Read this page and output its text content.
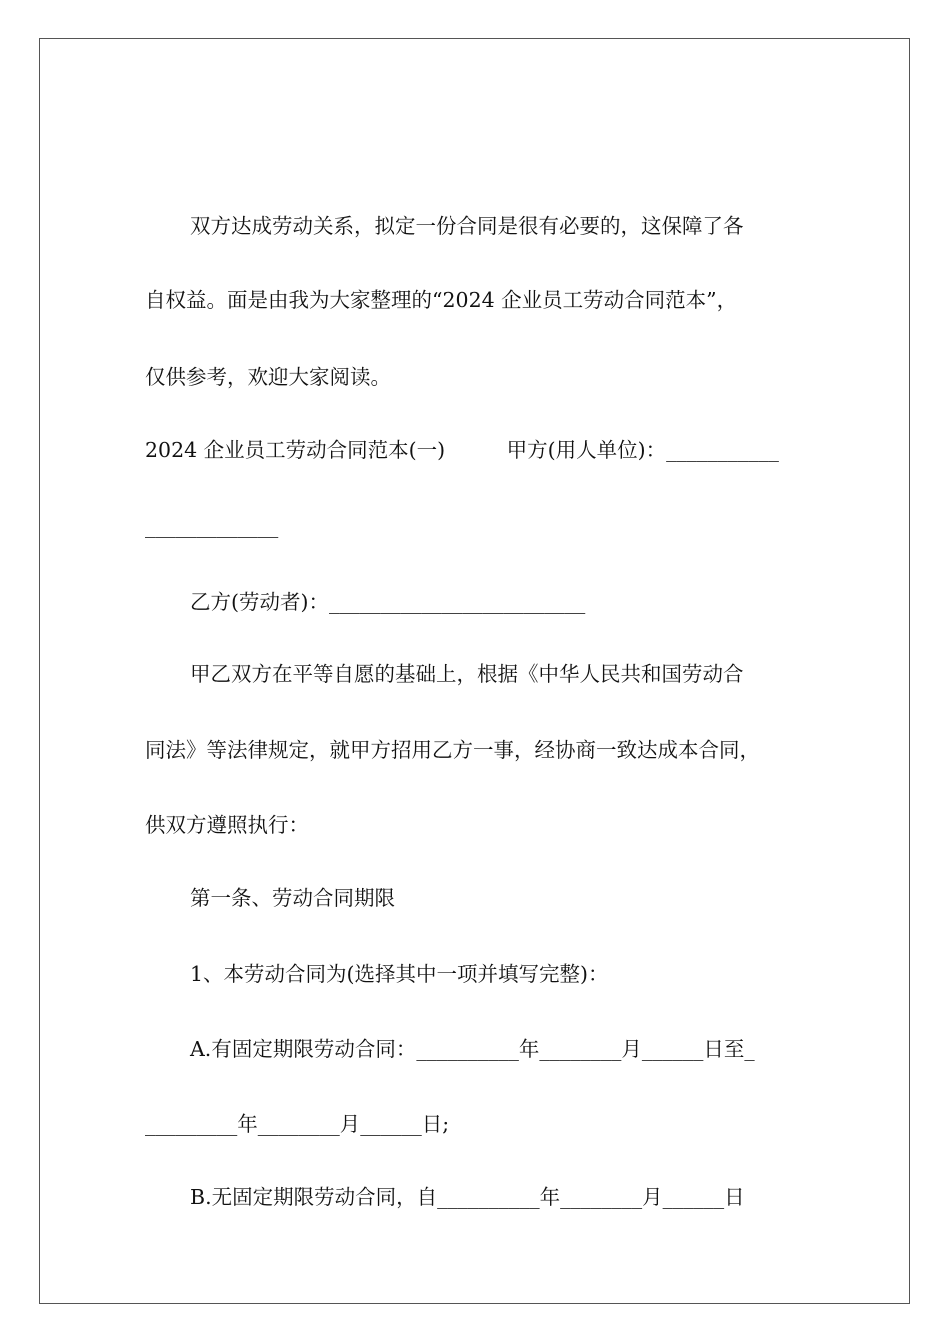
双方达成劳动关系，拟定一份合同是很有必要的，这保障了各
自权益。面是由我为大家整理的“2024 企业员工劳动合同范本”，
仅供参考，欢迎大家阅读。
2024 企业员工劳动合同范本(一)　　　甲方(用人单位)：___________
_____________
乙方(劳动者)：_________________________
甲乙双方在平等自愿的基础上，根据《中华人民共和国劳动合
同法》等法律规定，就甲方招用乙方一事，经协商一致达成本合同，
供双方遵照执行：
第一条、劳动合同期限
1、本劳动合同为(选择其中一项并填写完整)：
A.有固定期限劳动合同：__________年________月______日至_
_________年________月______日;
B.无固定期限劳动合同，自__________年________月______日
